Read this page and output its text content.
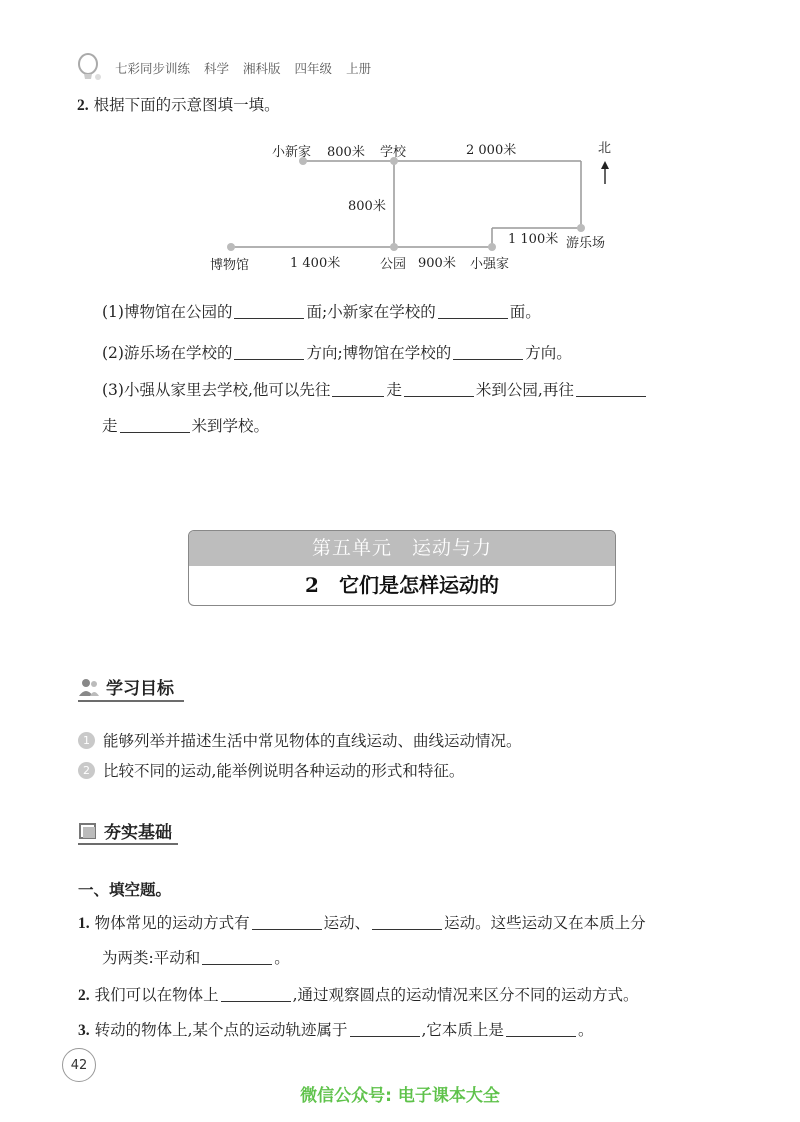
七彩同步训练 科学 湘科版 四年级 上册
2. 根据下面的示意图填一填。
小新家 800米 学校	2 000米
800米
博物馆	1 400米	公园 900米 小强家
1 100米 游乐场
北
(1)博物馆在公园的	面;小新家在学校的	面。
(2)游乐场在学校的	方向;博物馆在学校的	方向。
(3)小强从家里去学校,他可以先往	走	米到公园,再往
走	米到学校。
第五单元　运动与力
2　它们是怎样运动的
学习目标
1 能够列举并描述生活中常见物体的直线运动、曲线运动情况。
2 比较不同的运动,能举例说明各种运动的形式和特征。
夯实基础
一、填空题。
1. 物体常见的运动方式有	运动、	运动。这些运动又在本质上分
为两类:平动和	。
2. 我们可以在物体上	,通过观察圆点的运动情况来区分不同的运动方式。
3. 转动的物体上,某个点的运动轨迹属于	,它本质上是	。
42
微信公众号: 电子课本大全
